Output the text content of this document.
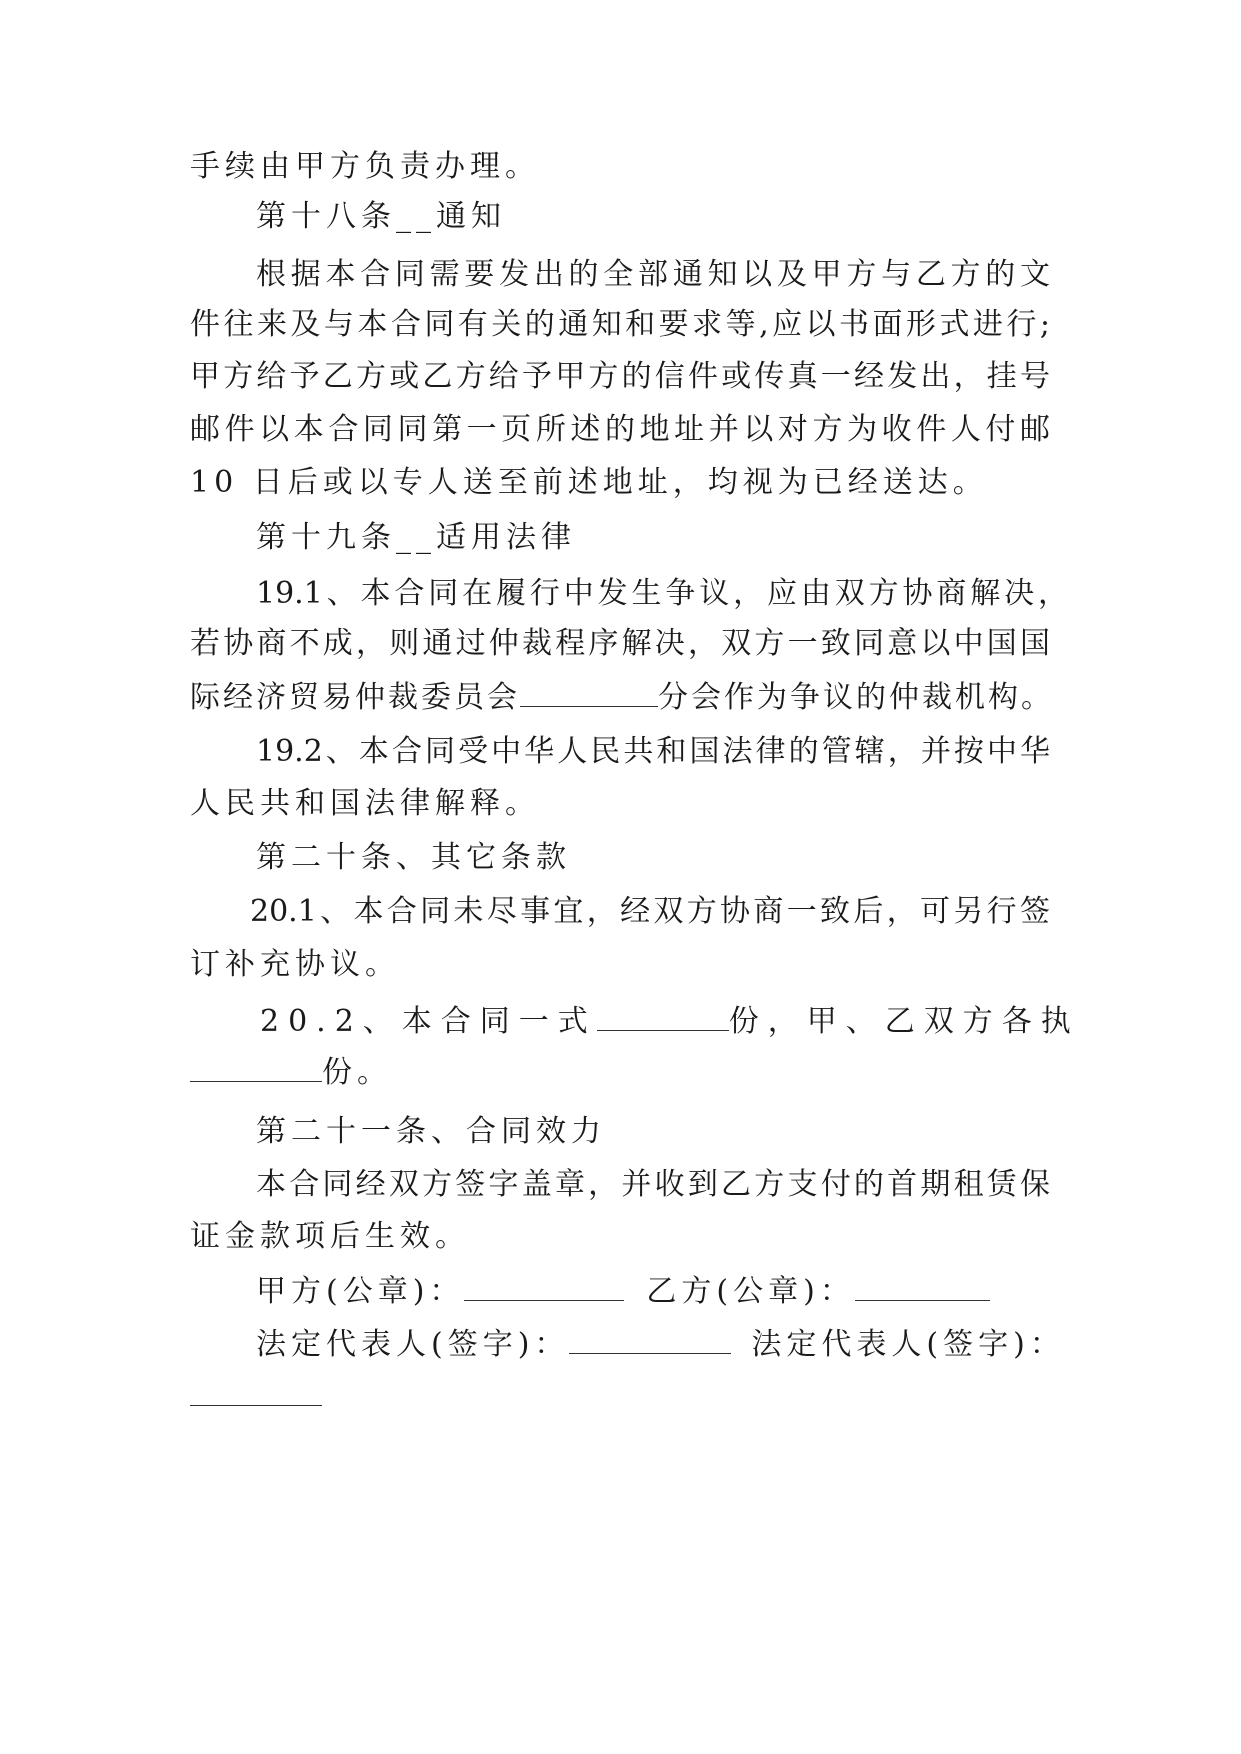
手续由甲方负责办理。
第十八条__通知
根据本合同需要发出的全部通知以及甲方与乙方的文
件往来及与本合同有关的通知和要求等,应以书面形式进行;
甲方给予乙方或乙方给予甲方的信件或传真一经发出，挂号
邮件以本合同同第一页所述的地址并以对方为收件人付邮
10 日后或以专人送至前述地址，均视为已经送达。
第十九条__适用法律
19.1、本合同在履行中发生争议，应由双方协商解决，
若协商不成，则通过仲裁程序解决，双方一致同意以中国国
际经济贸易仲裁委员会	分会作为争议的仲裁机构。
19.2、本合同受中华人民共和国法律的管辖，并按中华
人民共和国法律解释。
第二十条、其它条款
20.1、本合同未尽事宜，经双方协商一致后，可另行签
订补充协议。
20.2、本合同一式	份，甲、乙双方各执
份。
第二十一条、合同效力
本合同经双方签字盖章，并收到乙方支付的首期租赁保
证金款项后生效。
甲方(公章)：	乙方(公章)：
法定代表人(签字)：	法定代表人(签字)：
